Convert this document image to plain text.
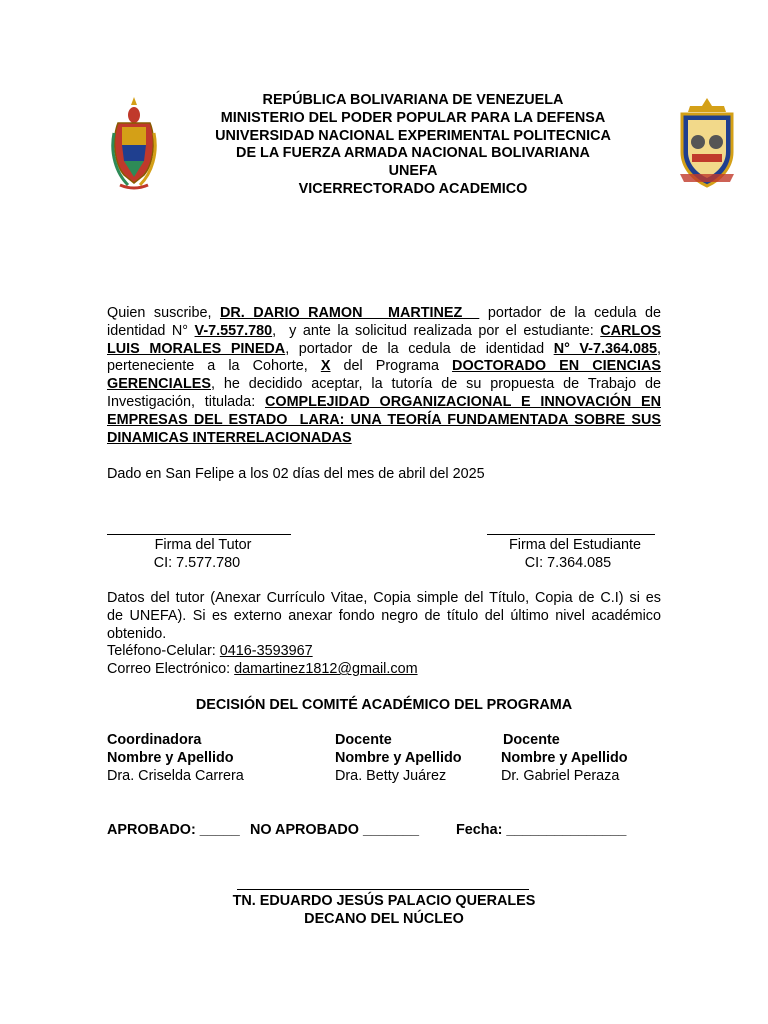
REPÚBLICA BOLIVARIANA DE VENEZUELA
MINISTERIO DEL PODER POPULAR PARA LA DEFENSA
UNIVERSIDAD NACIONAL EXPERIMENTAL POLITECNICA
DE LA FUERZA ARMADA NACIONAL BOLIVARIANA
UNEFA
VICERRECTORADO ACADEMICO
Quien suscribe, DR. DARIO RAMON   MARTINEZ   portador de la cedula de
identidad N° V-7.557.780,  y ante la solicitud realizada por el estudiante: CARLOS
LUIS MORALES PINEDA, portador de la cedula de identidad N° V-7.364.085,
perteneciente a la Cohorte, X del Programa DOCTORADO EN CIENCIAS
GERENCIALES, he decidido aceptar, la tutoría de su propuesta de Trabajo de
Investigación, titulada: COMPLEJIDAD ORGANIZACIONAL E INNOVACIÓN EN
EMPRESAS DEL ESTADO  LARA: UNA TEORÍA FUNDAMENTADA SOBRE SUS
DINAMICAS INTERRELACIONADAS
Dado en San Felipe a los 02 días del mes de abril del 2025
Firma del Tutor
CI: 7.577.780
Firma del Estudiante
CI: 7.364.085
Datos del tutor (Anexar Currículo Vitae, Copia simple del Título, Copia de C.I) si es
de UNEFA). Si es externo anexar fondo negro de título del último nivel académico
obtenido.
Teléfono-Celular: 0416-3593967
Correo Electrónico: damartinez1812@gmail.com
DECISIÓN DEL COMITÉ ACADÉMICO DEL PROGRAMA
Coordinadora
Nombre y Apellido
Dra. Criselda Carrera
Docente
Nombre y Apellido
Dra. Betty Juárez
Docente
Nombre y Apellido
Dr. Gabriel Peraza
APROBADO: _____ NO APROBADO _______	Fecha: _______________
TN. EDUARDO JESÚS PALACIO QUERALES
DECANO DEL NÚCLEO
